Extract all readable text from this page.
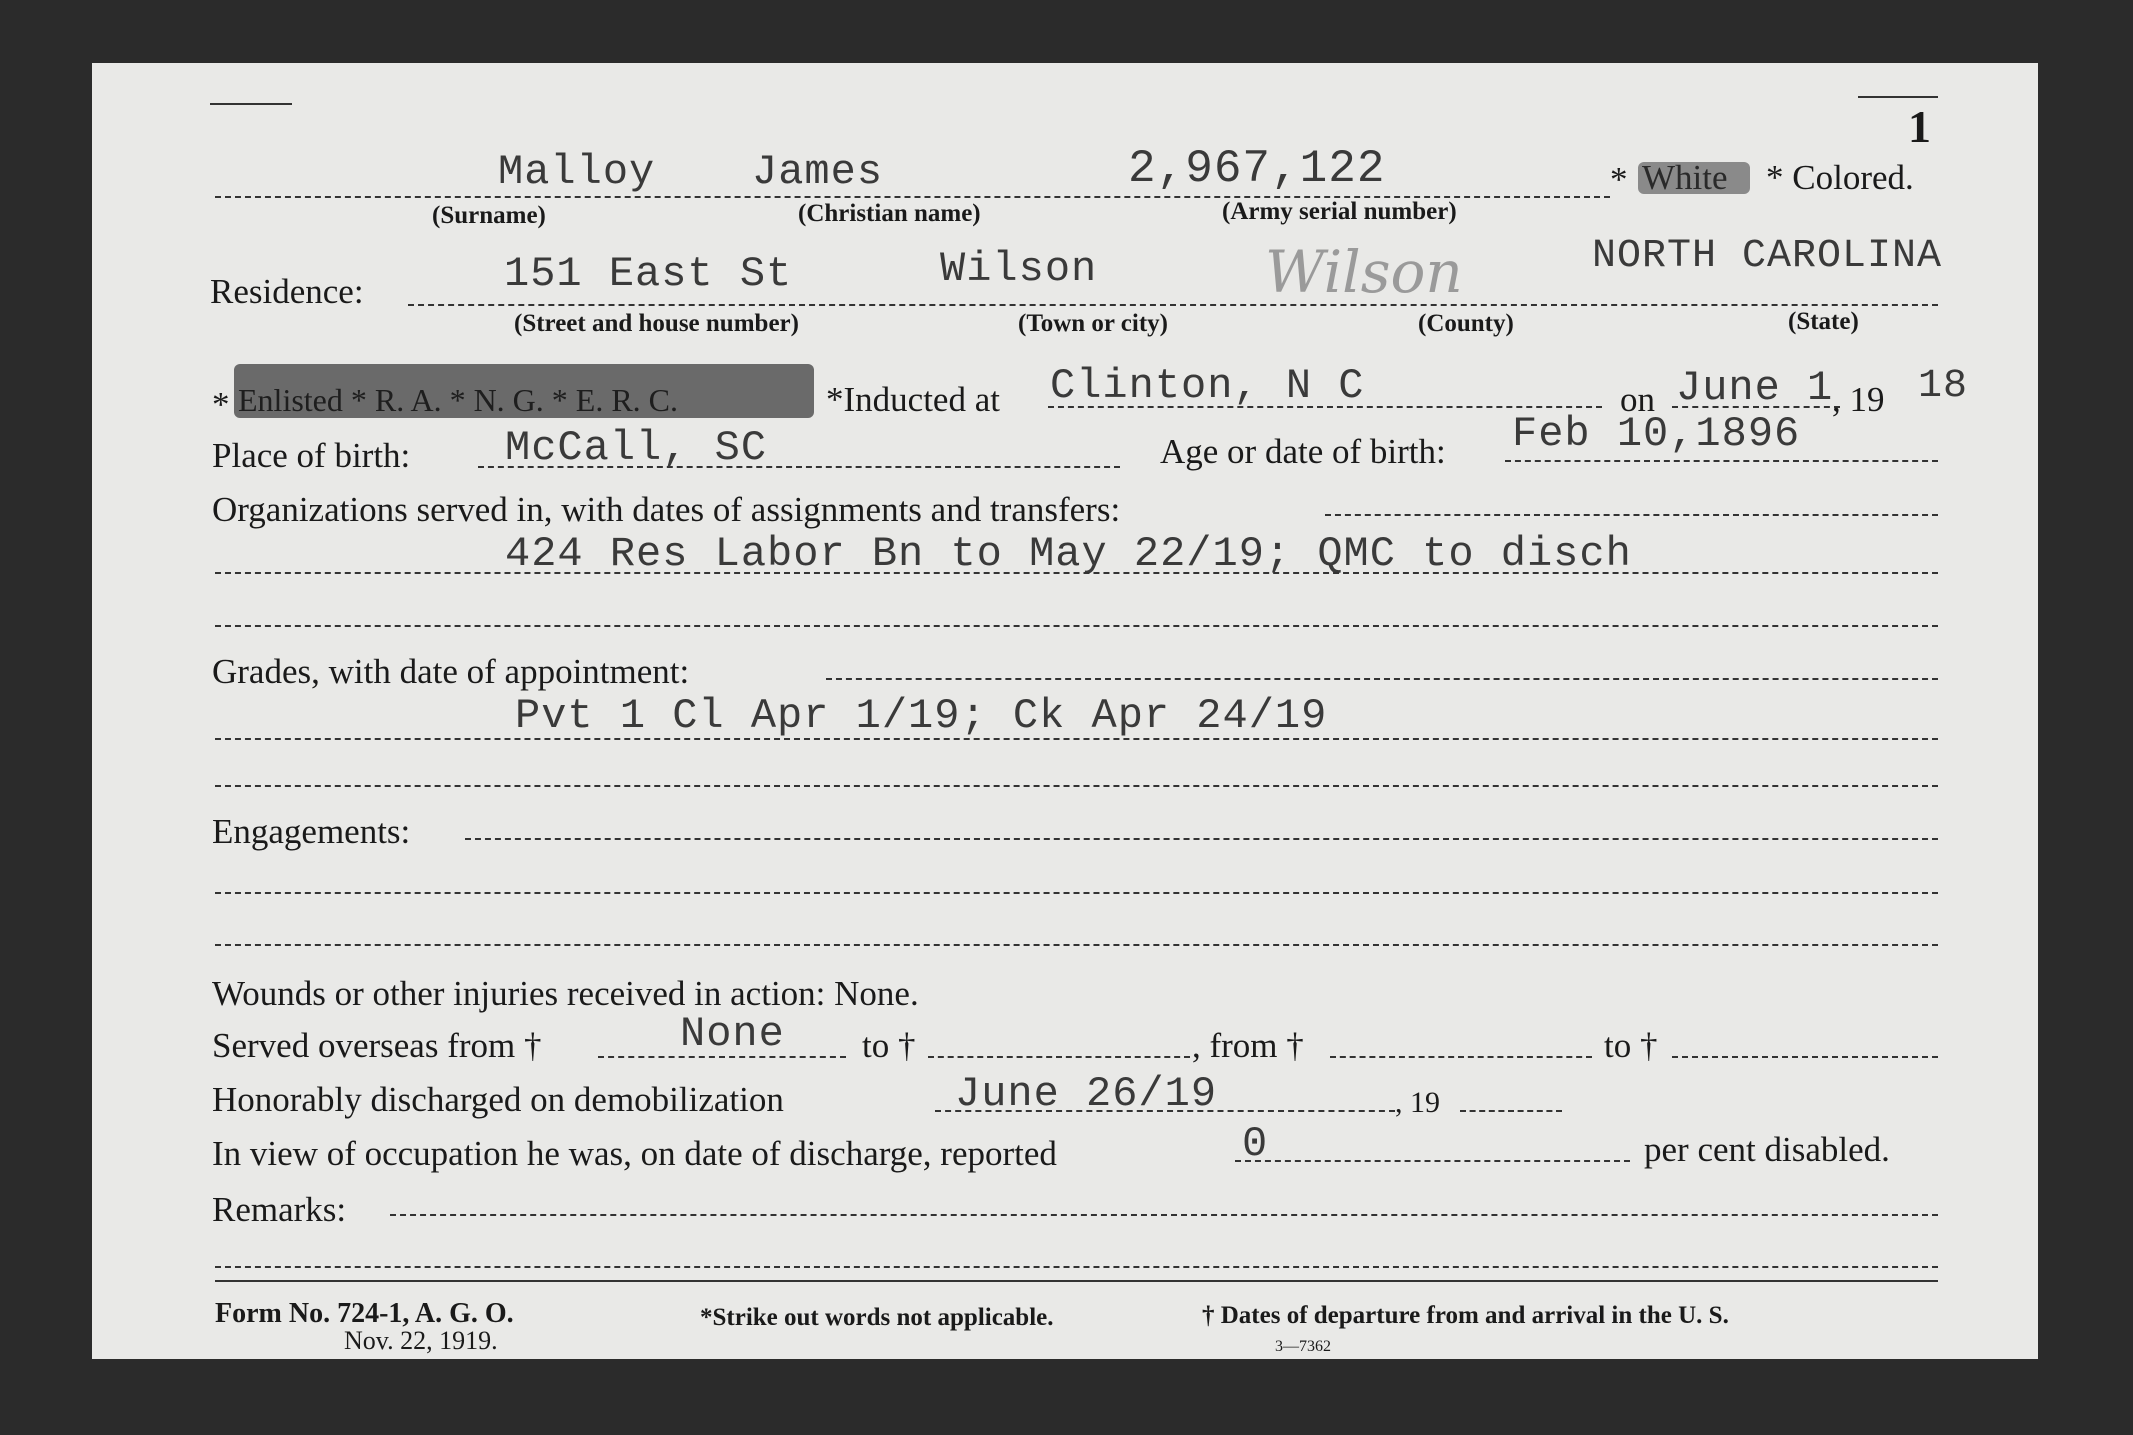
1
Malloy James	2,967,122	* White * Colored.
(Surname)	(Christian name)	(Army serial number)
Residence:	151 East St	Wilson	Wilson	NORTH CAROLINA
(Street and house number)	(Town or city)	(County)	(State)
* Enlisted * R. A. * N. G. * E. R. C.	*Inducted at Clinton, N C	on June 1
, 19 18
Place of birth: McCall, SC	Age or date of birth: Feb 10,1896
Organizations served in, with dates of assignments and transfers:
424 Res Labor Bn to May 22/19; QMC to disch
Grades, with date of appointment:
Pvt 1 Cl Apr 1/19; Ck Apr 24/19
Engagements:
Wounds or other injuries received in action: None.
Served overseas from †	None to †	, from †	to †
Honorably discharged on demobilization	June 26/19	, 19
In view of occupation he was, on date of discharge, reported	0	per cent disabled.
Remarks:
Form No. 724-1, A. G. O.
Nov. 22, 1919.
*Strike out words not applicable.	† Dates of departure from and arrival in the U. S.
3—7362
